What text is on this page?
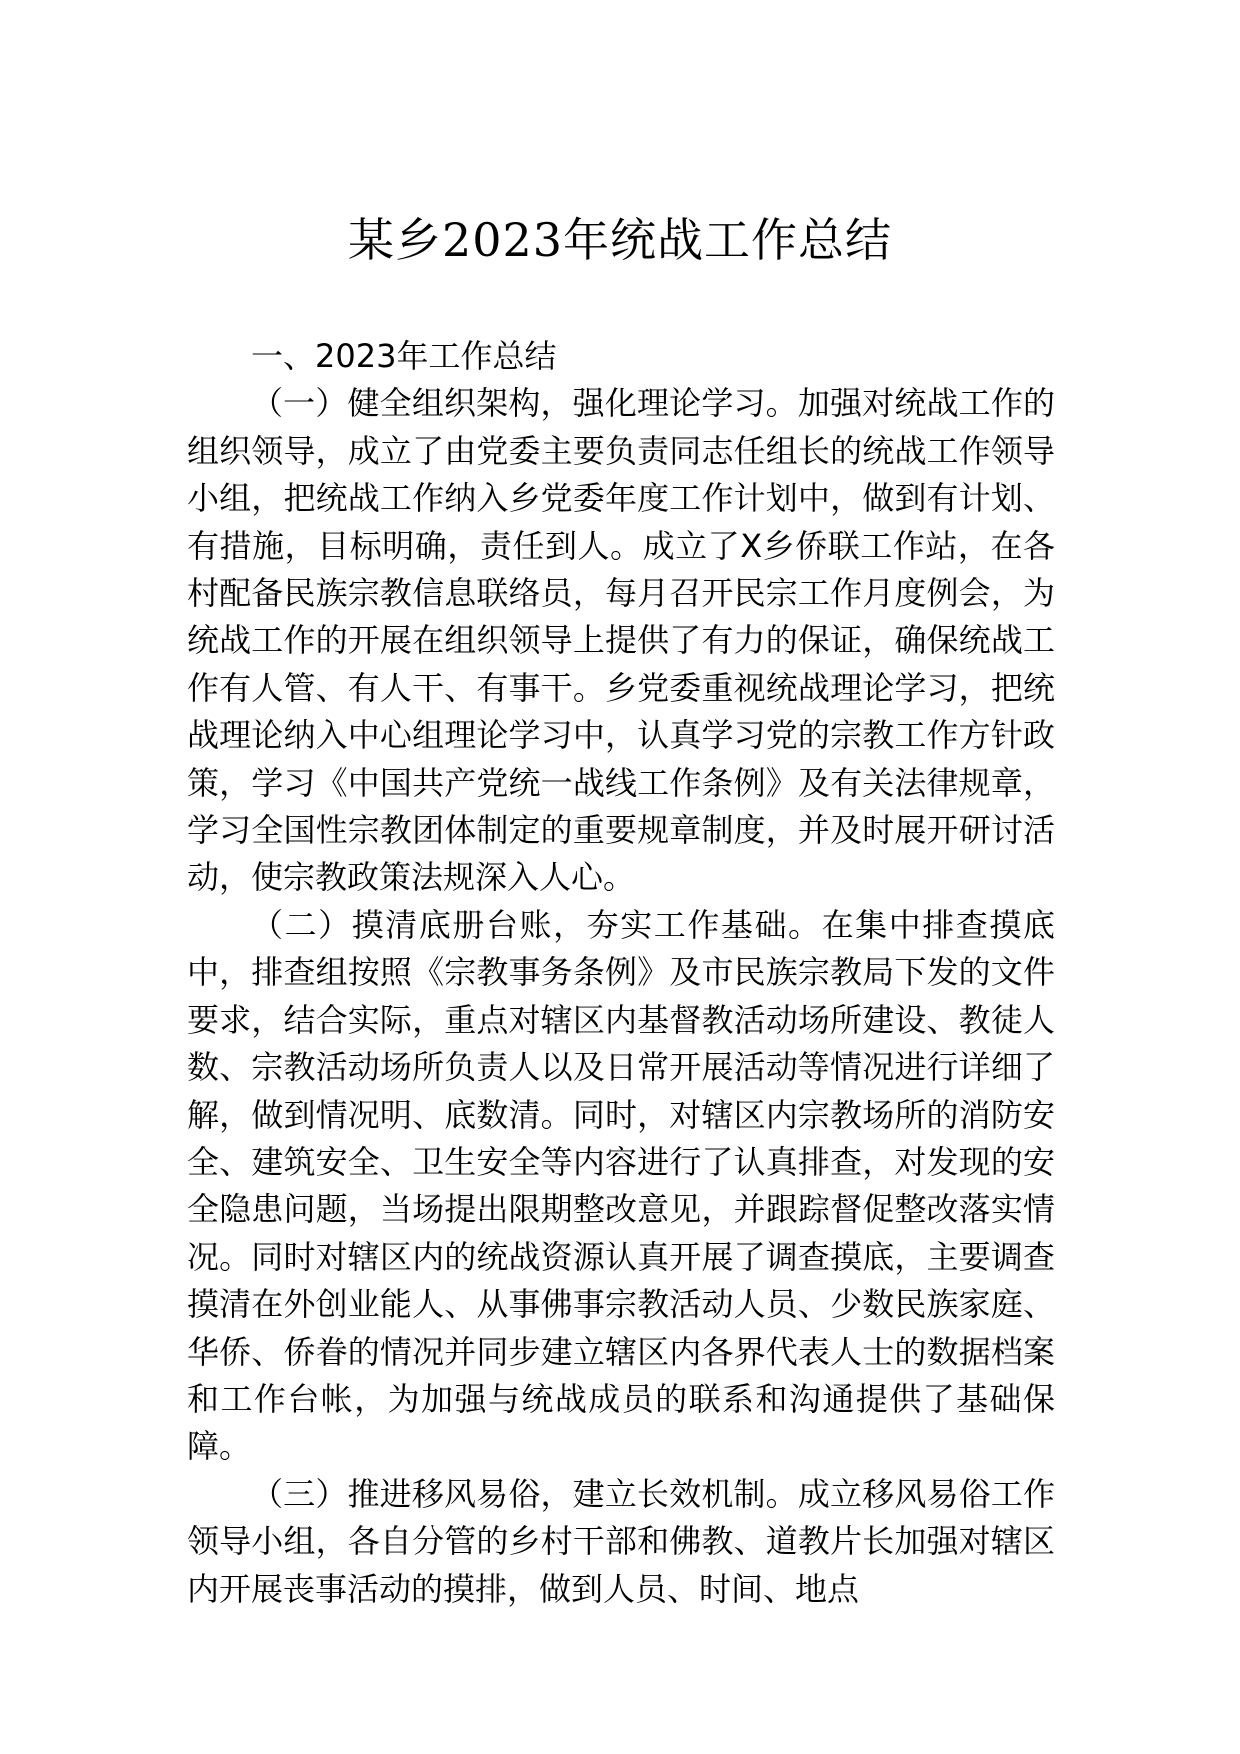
某乡2023年统战工作总结

一、2023年工作总结

（一）健全组织架构，强化理论学习。加强对统战工作的组织领导，成立了由党委主要负责同志任组长的统战工作领导小组，把统战工作纳入乡党委年度工作计划中，做到有计划、有措施，目标明确，责任到人。成立了X乡侨联工作站，在各村配备民族宗教信息联络员，每月召开民宗工作月度例会，为统战工作的开展在组织领导上提供了有力的保证，确保统战工作有人管、有人干、有事干。乡党委重视统战理论学习，把统战理论纳入中心组理论学习中，认真学习党的宗教工作方针政策，学习《中国共产党统一战线工作条例》及有关法律规章，学习全国性宗教团体制定的重要规章制度，并及时展开研讨活动，使宗教政策法规深入人心。

（二）摸清底册台账，夯实工作基础。在集中排查摸底中，排查组按照《宗教事务条例》及市民族宗教局下发的文件要求，结合实际，重点对辖区内基督教活动场所建设、教徒人数、宗教活动场所负责人以及日常开展活动等情况进行详细了解，做到情况明、底数清。同时，对辖区内宗教场所的消防安全、建筑安全、卫生安全等内容进行了认真排查，对发现的安全隐患问题，当场提出限期整改意见，并跟踪督促整改落实情况。同时对辖区内的统战资源认真开展了调查摸底，主要调查摸清在外创业能人、从事佛事宗教活动人员、少数民族家庭、华侨、侨眷的情况并同步建立辖区内各界代表人士的数据档案和工作台帐，为加强与统战成员的联系和沟通提供了基础保障。

（三）推进移风易俗，建立长效机制。成立移风易俗工作领导小组，各自分管的乡村干部和佛教、道教片长加强对辖区内开展丧事活动的摸排，做到人员、时间、地点
